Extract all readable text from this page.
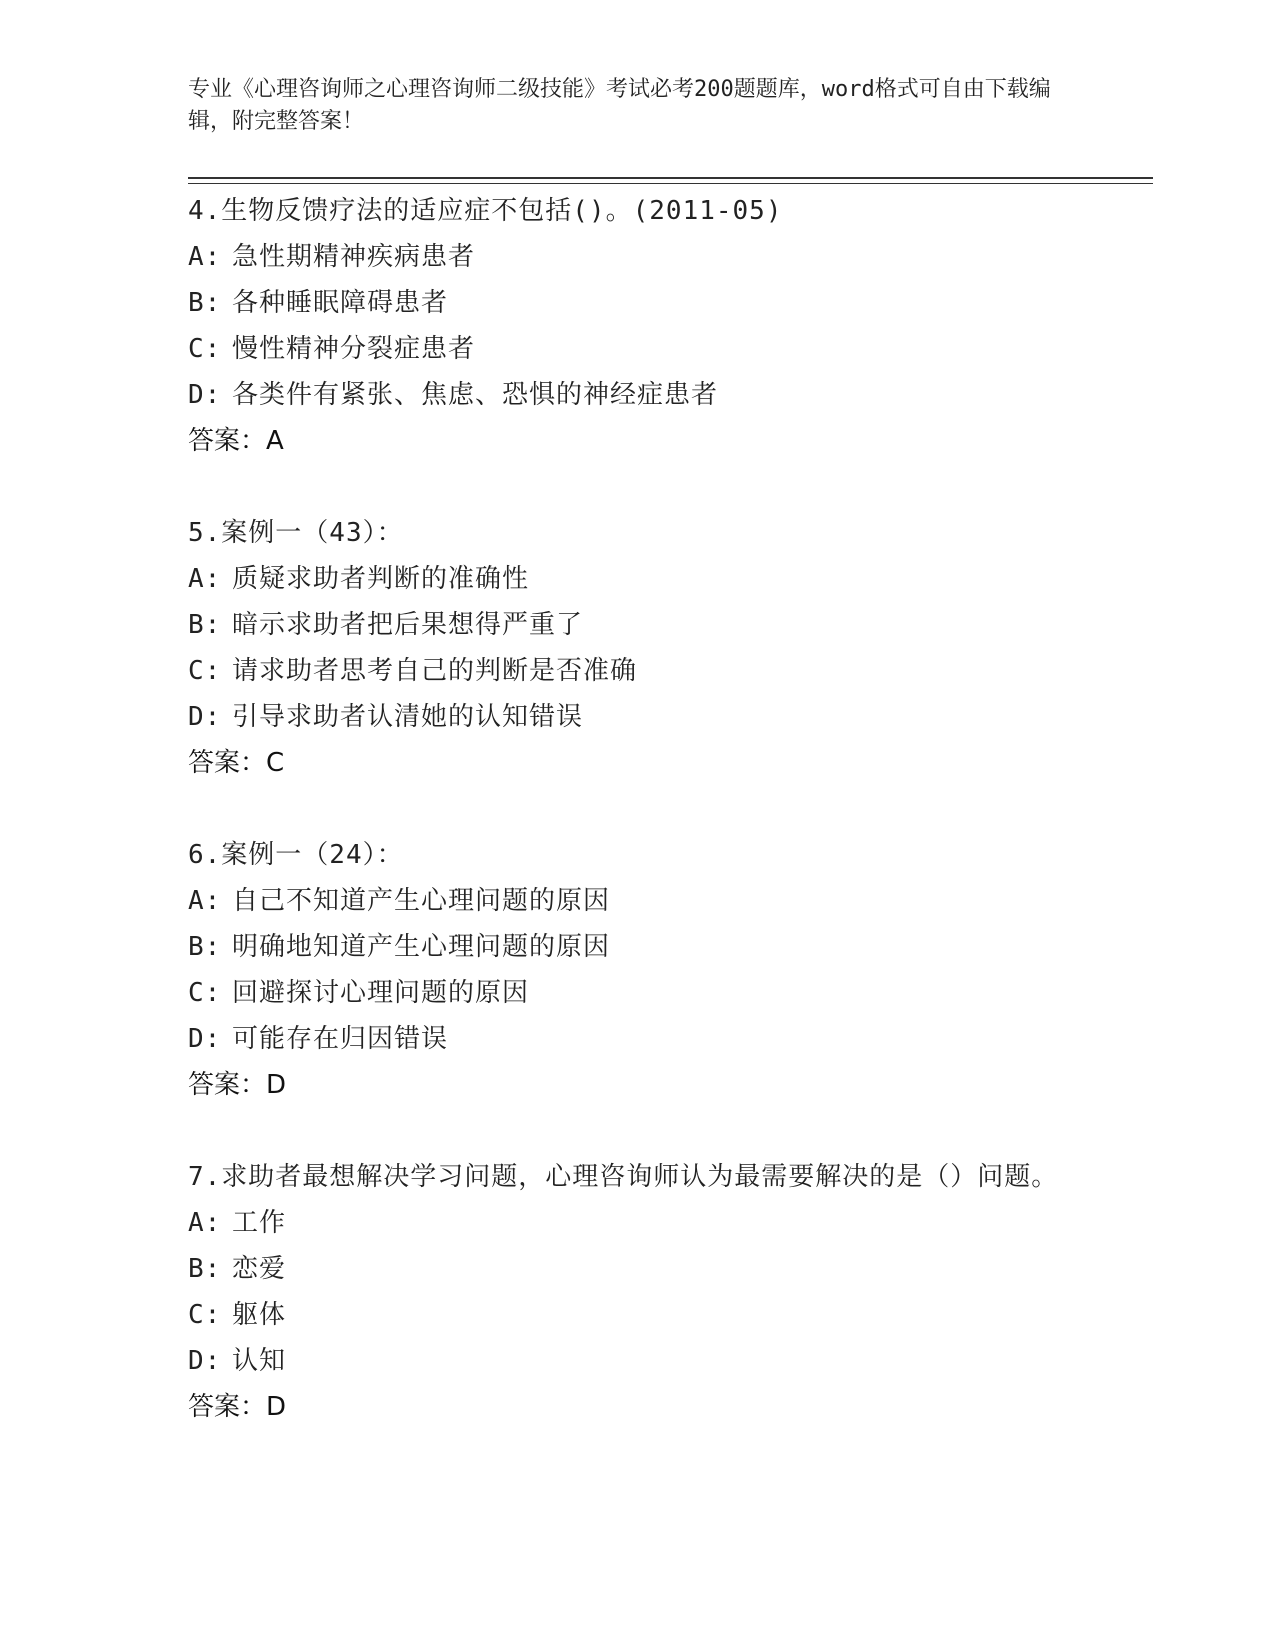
专业《心理咨询师之心理咨询师二级技能》考试必考200题题库，word格式可自由下载编辑，附完整答案！
4.生物反馈疗法的适应症不包括()。(2011-05)
A: 急性期精神疾病患者
B: 各种睡眠障碍患者
C: 慢性精神分裂症患者
D: 各类件有紧张、焦虑、恐惧的神经症患者
答案：A
5.案例一（43）：
A: 质疑求助者判断的准确性
B: 暗示求助者把后果想得严重了
C: 请求助者思考自己的判断是否准确
D: 引导求助者认清她的认知错误
答案：C
6.案例一（24）：
A: 自己不知道产生心理问题的原因
B: 明确地知道产生心理问题的原因
C: 回避探讨心理问题的原因
D: 可能存在归因错误
答案：D
7.求助者最想解决学习问题，心理咨询师认为最需要解决的是（）问题。
A: 工作
B: 恋爱
C: 躯体
D: 认知
答案：D
